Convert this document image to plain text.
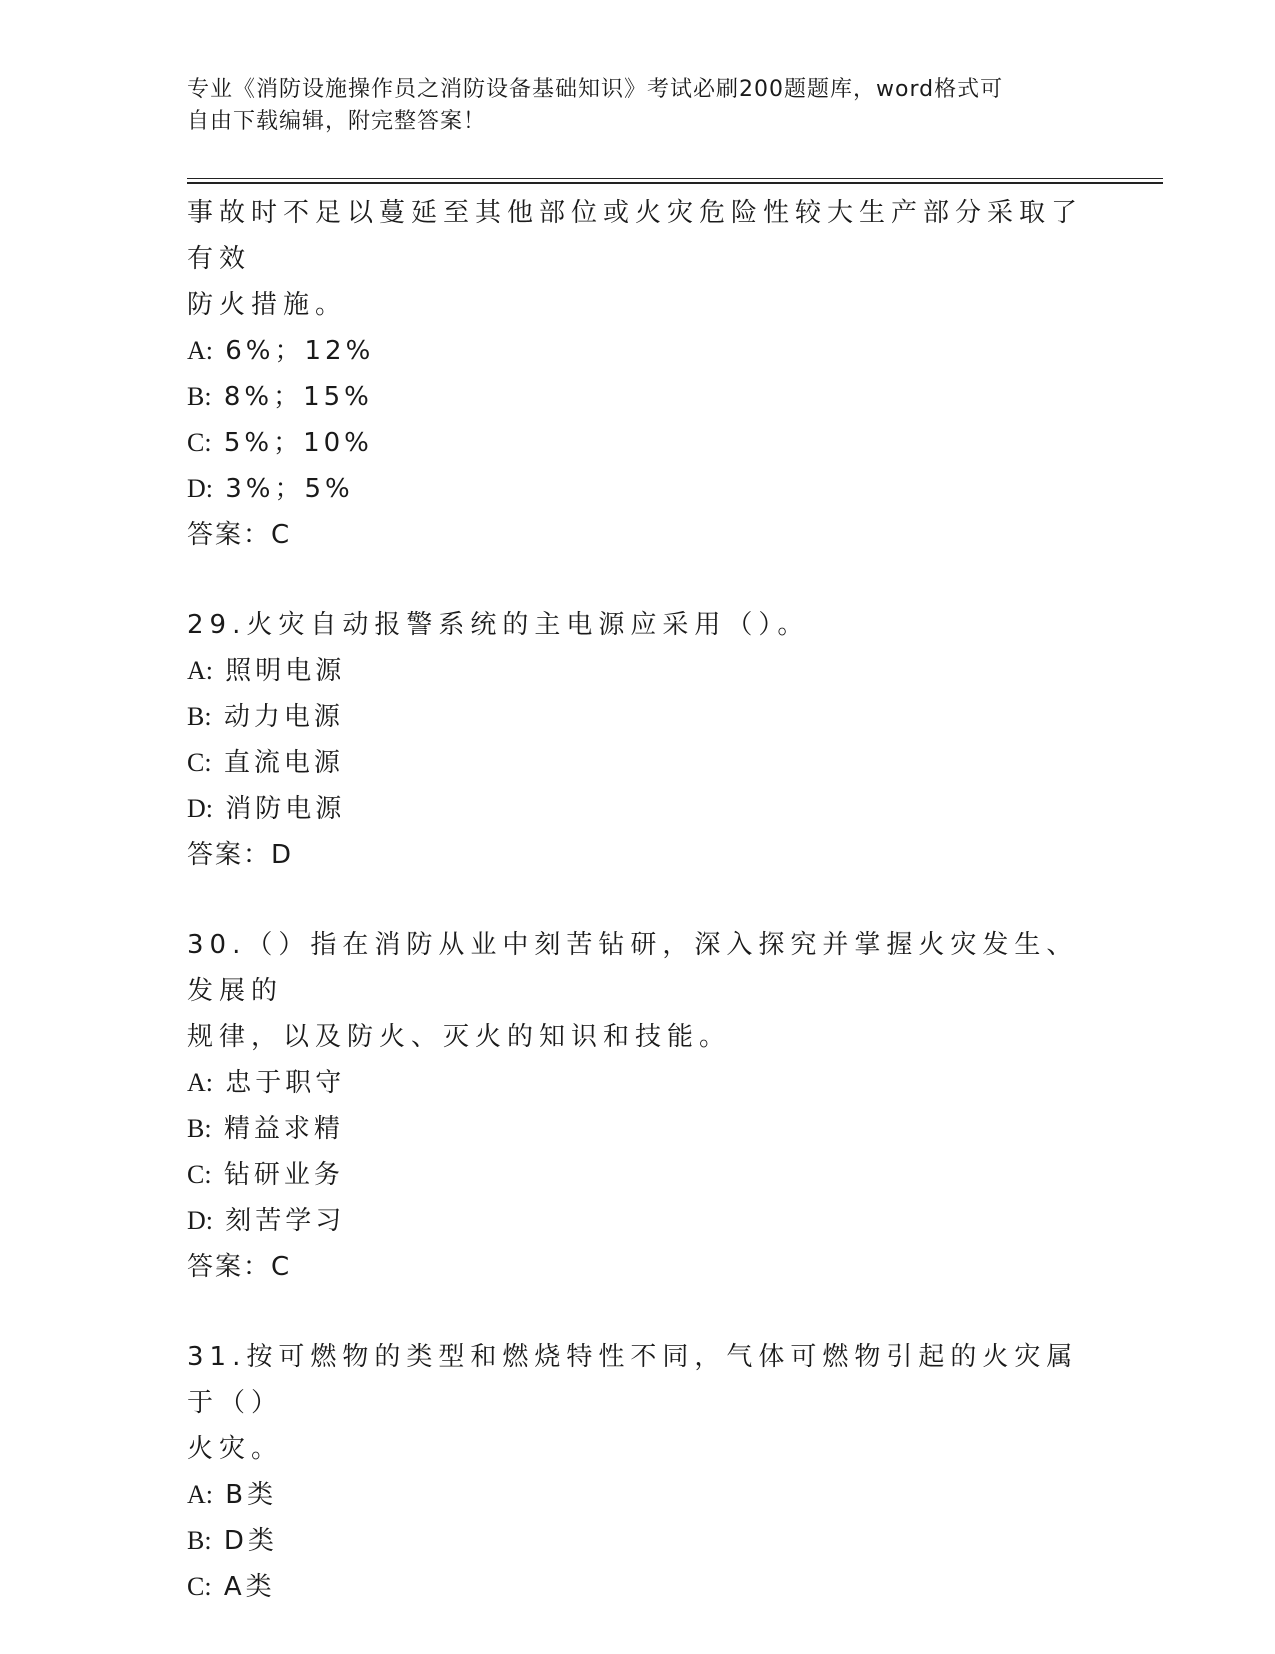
专业《消防设施操作员之消防设备基础知识》考试必刷200题题库，word格式可
自由下载编辑，附完整答案！

事故时不足以蔓延至其他部位或火灾危险性较大生产部分采取了有效

防火措施。

A: 6%；12%

B: 8%；15%

C: 5%；10%

D: 3%；5%

答案：C

29.火灾自动报警系统的主电源应采用（）。

A: 照明电源

B: 动力电源

C: 直流电源

D: 消防电源

答案：D

30.（）指在消防从业中刻苦钻研，深入探究并掌握火灾发生、发展的

规律，以及防火、灭火的知识和技能。

A: 忠于职守

B: 精益求精

C: 钻研业务

D: 刻苦学习

答案：C

31.按可燃物的类型和燃烧特性不同，气体可燃物引起的火灾属于（）

火灾。

A: B类

B: D类

C: A类
